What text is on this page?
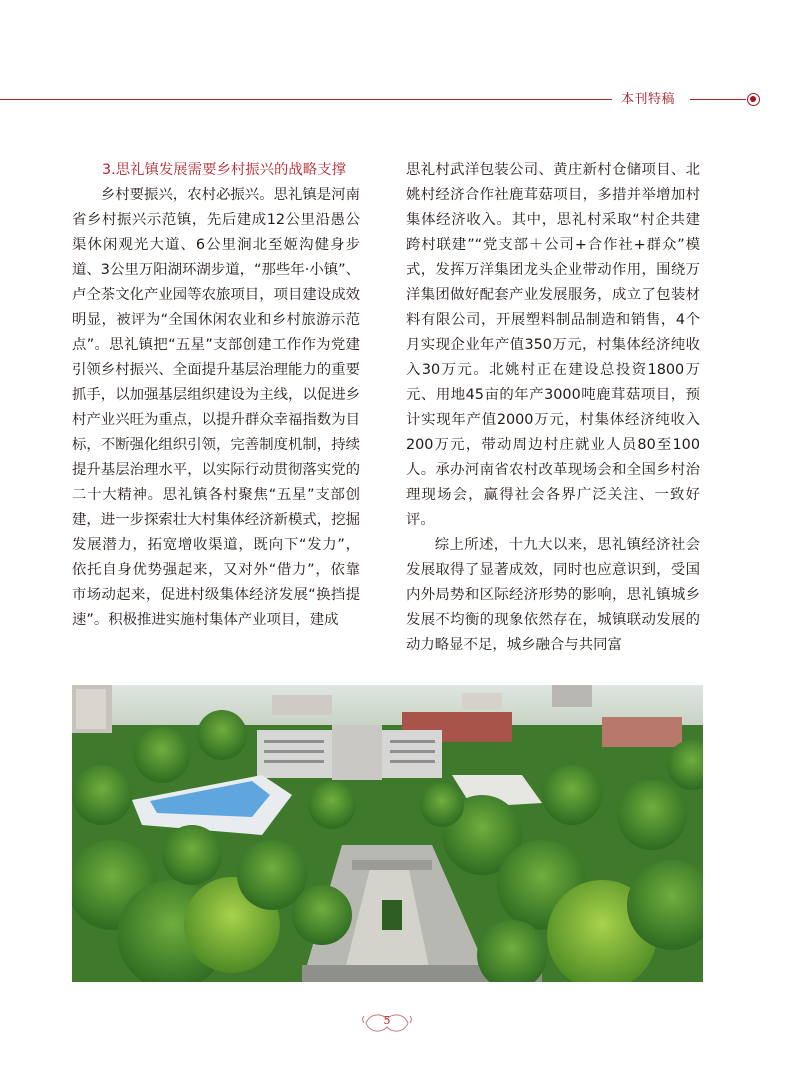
本刊特稿
3.思礼镇发展需要乡村振兴的战略支撑

乡村要振兴，农村必振兴。思礼镇是河南省乡村振兴示范镇，先后建成12公里沿愚公渠休闲观光大道、6公里涧北至姬沟健身步道、3公里万阳湖环湖步道，“那些年·小镇”、卢仝茶文化产业园等农旅项目，项目建设成效明显，被评为“全国休闲农业和乡村旅游示范点”。思礼镇把“五星”支部创建工作作为党建引领乡村振兴、全面提升基层治理能力的重要抓手，以加强基层组织建设为主线，以促进乡村产业兴旺为重点，以提升群众幸福指数为目标，不断强化组织引领，完善制度机制，持续提升基层治理水平，以实际行动贯彻落实党的二十大精神。思礼镇各村聚焦“五星”支部创建，进一步探索壮大村集体经济新模式，挖掘发展潜力，拓宽增收渠道，既向下“发力”，依托自身优势强起来，又对外“借力”，依靠市场动起来，促进村级集体经济发展“换挡提速”。积极推进实施村集体产业项目，建成

思礼村武洋包装公司、黄庄新村仓储项目、北姚村经济合作社鹿茸菇项目，多措并举增加村集体经济收入。其中，思礼村采取“村企共建 跨村联建”“党支部＋公司+合作社+群众”模式，发挥万洋集团龙头企业带动作用，围绕万洋集团做好配套产业发展服务，成立了包装材料有限公司，开展塑料制品制造和销售，4个月实现企业年产值350万元，村集体经济纯收入30万元。北姚村正在建设总投资1800万元、用地45亩的年产3000吨鹿茸菇项目，预计实现年产值2000万元，村集体经济纯收入200万元，带动周边村庄就业人员80至100人。承办河南省农村改革现场会和全国乡村治理现场会，赢得社会各界广泛关注、一致好评。

综上所述，十九大以来，思礼镇经济社会发展取得了显著成效，同时也应意识到，受国内外局势和区际经济形势的影响，思礼镇城乡发展不均衡的现象依然存在，城镇联动发展的动力略显不足，城乡融合与共同富

5
